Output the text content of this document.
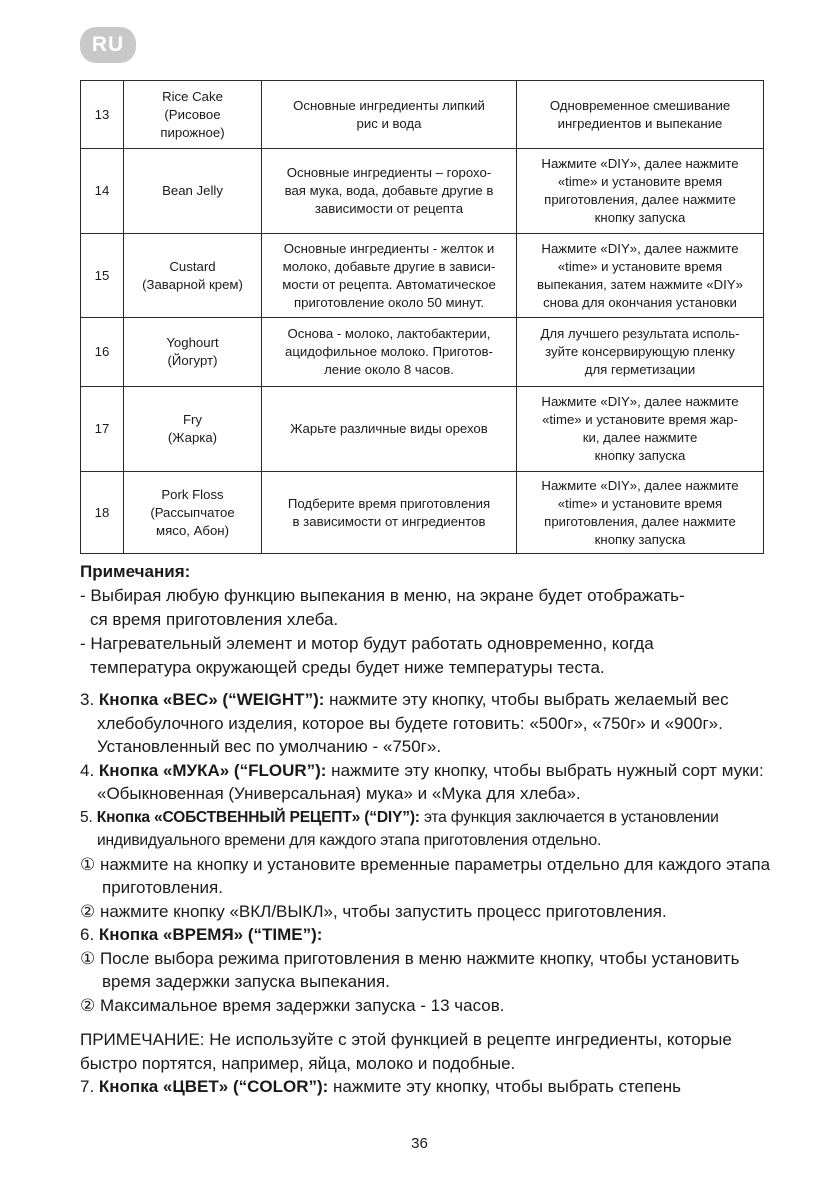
RU
13	Rice Cake
(Рисовое
пирожное)	Основные ингредиенты липкий
рис и вода	Одновременное смешивание
ингредиентов и выпекание
14	Bean Jelly	Основные ингредиенты – горохо-
вая мука, вода, добавьте другие в
зависимости от рецепта	Нажмите «DIY», далее нажмите
«time» и установите время
приготовления, далее нажмите
кнопку запуска
15	Custard
(Заварной крем)	Основные ингредиенты - желток и
молоко, добавьте другие в зависи-
мости от рецепта. Автоматическое
приготовление около 50 минут.	Нажмите «DIY», далее нажмите
«time» и установите время
выпекания, затем нажмите «DIY»
снова для окончания установки
16	Yoghourt
(Йогурт)	Основа - молоко, лактобактерии,
ацидофильное молоко. Приготов-
ление около 8 часов.	Для лучшего результата исполь-
зуйте консервирующую пленку
для герметизации
17	Fry
(Жарка)	Жарьте различные виды орехов	Нажмите «DIY», далее нажмите
«time» и установите время жар-
ки, далее нажмите
кнопку запуска
18	Pork Floss
(Рассыпчатое
мясо, Абон)	Подберите время приготовления
в зависимости от ингредиентов	Нажмите «DIY», далее нажмите
«time» и установите время
приготовления, далее нажмите
кнопку запуска

Примечания:

- Выбирая любую функцию выпекания в меню, на экране будет отображать-
ся время приготовления хлеба.

- Нагревательный элемент и мотор будут работать одновременно, когда
температура окружающей среды будет ниже температуры теста.

3. Кнопка «ВЕС» (“WEIGHT”): нажмите эту кнопку, чтобы выбрать желаемый вес хлебобулочного изделия, которое вы будете готовить: «500г», «750г» и «900г». Установленный вес по умолчанию - «750г».

4. Кнопка «МУКА» (“FLOUR”): нажмите эту кнопку, чтобы выбрать нужный сорт муки: «Обыкновенная (Универсальная) мука» и «Мука для хлеба».

5. Кнопка «СОБСТВЕННЫЙ РЕЦЕПТ» (“DIY”): эта функция заключается в установлении индивидуального времени для каждого этапа приготовления отдельно.

① нажмите на кнопку и установите временные параметры отдельно для каждого этапа приготовления.

② нажмите кнопку «ВКЛ/ВЫКЛ», чтобы запустить процесс приготовления.

6. Кнопка «ВРЕМЯ» (“TIME”):

① После выбора режима приготовления в меню нажмите кнопку, чтобы установить время задержки запуска выпекания.

② Максимальное время задержки запуска - 13 часов.

ПРИМЕЧАНИЕ: Не используйте с этой функцией в рецепте ингредиенты, которые быстро портятся, например, яйца, молоко и подобные.

7. Кнопка «ЦВЕТ» (“COLOR”): нажмите эту кнопку, чтобы выбрать степень

36
